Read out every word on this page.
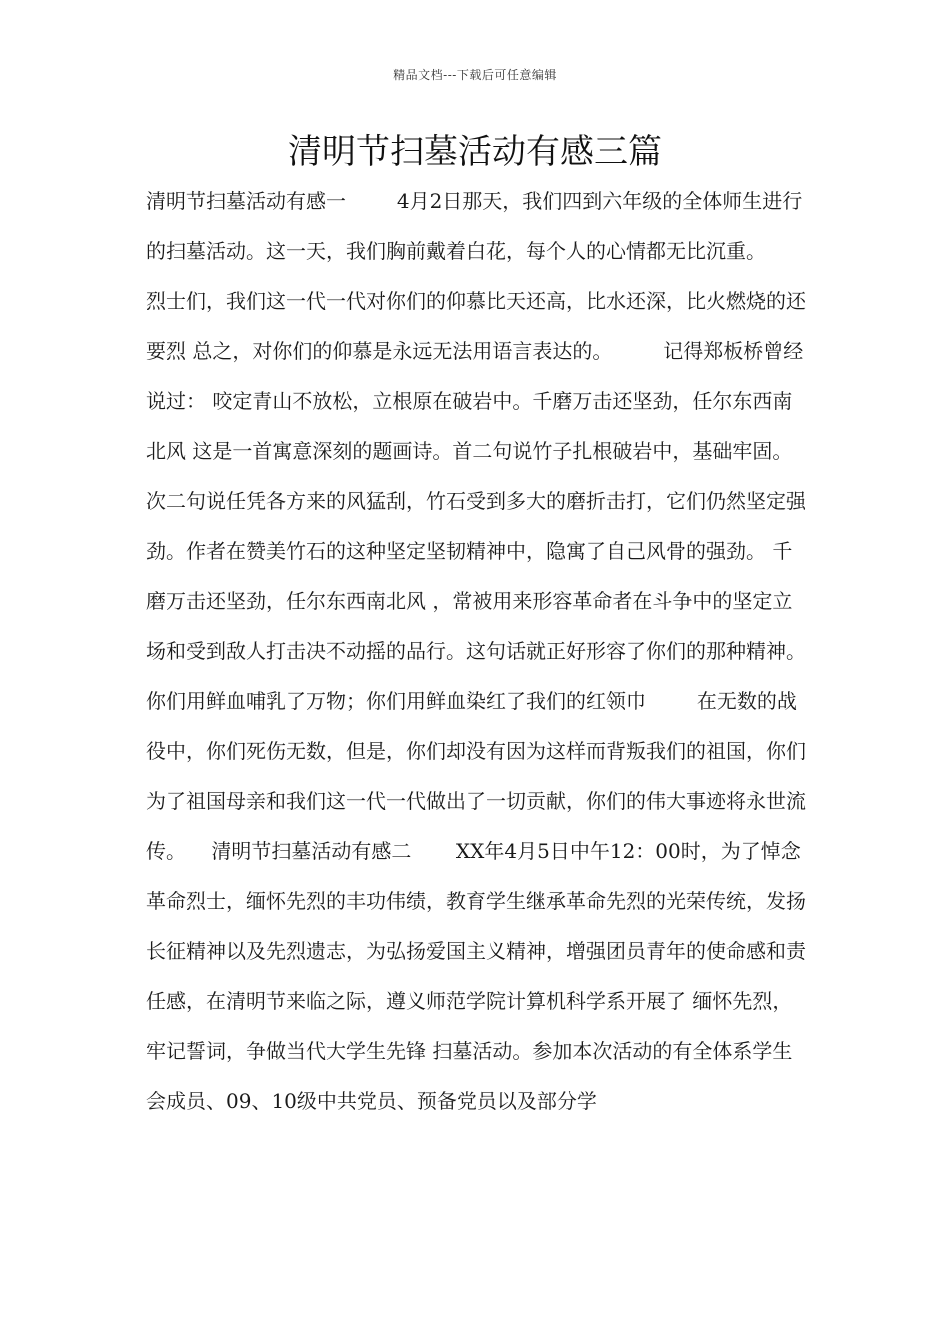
精品文档---下载后可任意编辑
清明节扫墓活动有感三篇

清明节扫墓活动有感一        4月2日那天，我们四到六年级的全体师生进行的扫墓活动。这一天，我们胸前戴着白花，每个人的心情都无比沉重。        烈士们，我们这一代一代对你们的仰慕比天还高，比水还深，比火燃烧的还要烈 总之，对你们的仰慕是永远无法用语言表达的。        记得郑板桥曾经说过： 咬定青山不放松，立根原在破岩中。千磨万击还坚劲，任尔东西南北风 这是一首寓意深刻的题画诗。首二句说竹子扎根破岩中，基础牢固。次二句说任凭各方来的风猛刮，竹石受到多大的磨折击打，它们仍然坚定强劲。作者在赞美竹石的这种坚定坚韧精神中，隐寓了自己风骨的强劲。 千磨万击还坚劲，任尔东西南北风 ，常被用来形容革命者在斗争中的坚定立场和受到敌人打击决不动摇的品行。这句话就正好形容了你们的那种精神。你们用鲜血哺乳了万物；你们用鲜血染红了我们的红领巾        在无数的战役中，你们死伤无数，但是，你们却没有因为这样而背叛我们的祖国，你们为了祖国母亲和我们这一代一代做出了一切贡献，你们的伟大事迹将永世流传。    清明节扫墓活动有感二       XX年4月5日中午12：00时，为了悼念革命烈士，缅怀先烈的丰功伟绩，教育学生继承革命先烈的光荣传统，发扬长征精神以及先烈遗志，为弘扬爱国主义精神，增强团员青年的使命感和责任感，在清明节来临之际，遵义师范学院计算机科学系开展了 缅怀先烈，牢记誓词，争做当代大学生先锋 扫墓活动。参加本次活动的有全体系学生会成员、09、10级中共党员、预备党员以及部分学
